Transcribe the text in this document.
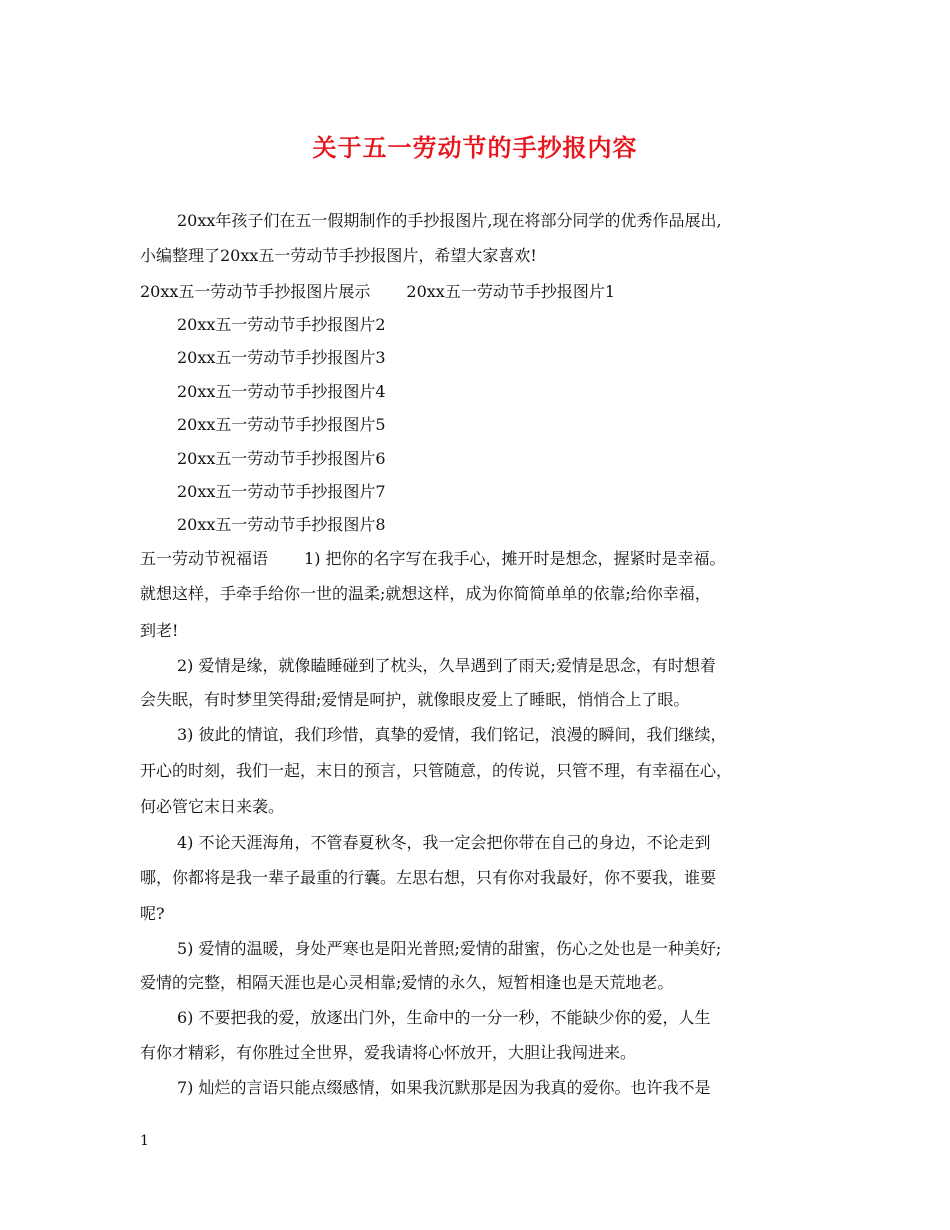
关于五一劳动节的手抄报内容
20xx年孩子们在五一假期制作的手抄报图片,现在将部分同学的优秀作品展出,
小编整理了20xx五一劳动节手抄报图片，希望大家喜欢!
20xx五一劳动节手抄报图片展示 20xx五一劳动节手抄报图片1
20xx五一劳动节手抄报图片2
20xx五一劳动节手抄报图片3
20xx五一劳动节手抄报图片4
20xx五一劳动节手抄报图片5
20xx五一劳动节手抄报图片6
20xx五一劳动节手抄报图片7
20xx五一劳动节手抄报图片8
五一劳动节祝福语 1) 把你的名字写在我手心，摊开时是想念，握紧时是幸福。
就想这样，手牵手给你一世的温柔;就想这样，成为你简简单单的依靠;给你幸福，
到老!
2) 爱情是缘，就像瞌睡碰到了枕头，久旱遇到了雨天;爱情是思念，有时想着
会失眠，有时梦里笑得甜;爱情是呵护，就像眼皮爱上了睡眠，悄悄合上了眼。
3) 彼此的情谊，我们珍惜，真挚的爱情，我们铭记，浪漫的瞬间，我们继续，
开心的时刻，我们一起，末日的预言，只管随意，的传说，只管不理，有幸福在心，
何必管它末日来袭。
4) 不论天涯海角，不管春夏秋冬，我一定会把你带在自己的身边，不论走到
哪，你都将是我一辈子最重的行囊。左思右想，只有你对我最好，你不要我，谁要
呢?
5) 爱情的温暖，身处严寒也是阳光普照;爱情的甜蜜，伤心之处也是一种美好;
爱情的完整，相隔天涯也是心灵相靠;爱情的永久，短暂相逢也是天荒地老。
6) 不要把我的爱，放逐出门外，生命中的一分一秒，不能缺少你的爱，人生
有你才精彩，有你胜过全世界，爱我请将心怀放开，大胆让我闯进来。
7) 灿烂的言语只能点缀感情，如果我沉默那是因为我真的爱你。也许我不是
1
